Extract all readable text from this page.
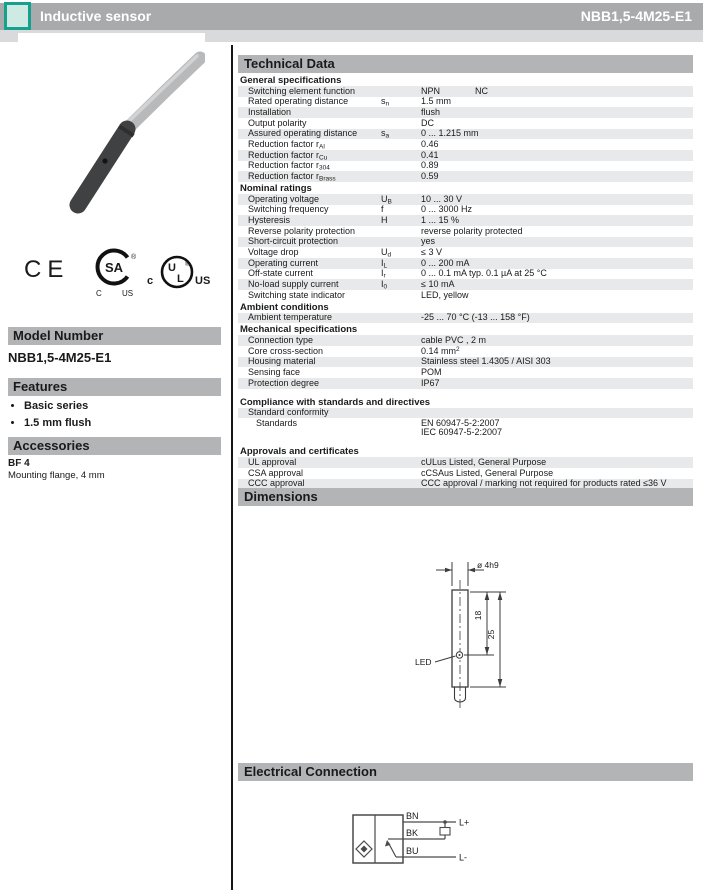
Inductive sensor	NBB1,5-4M25-E1
CE	SA
®
C	US
c
U
L
®
US
Model Number
NBB1,5-4M25-E1
Features
• Basic series
• 1.5 mm flush
Accessories
BF 4
Mounting flange, 4 mm
Technical Data
General specifications
Switching element function	NPN	NC
Rated operating distance	$s_n$	1.5 mm
Installation	flush
Output polarity	DC
Assured operating distance	$s_a$	0 ... 1.215 mm
Reduction factor $r_{Al}$	0.46
Reduction factor $r_{Cu}$	0.41
Reduction factor $r_{304}$	0.89
Reduction factor $r_{Brass}$	0.59
Nominal ratings
Operating voltage	$U_B$	10 ... 30 V
Switching frequency	f	0 ... 3000 Hz
Hysteresis	H	1 ... 15 %
Reverse polarity protection	reverse polarity protected
Short-circuit protection	yes
Voltage drop	$U_d$	≤ 3 V
Operating current	$I_L$	0 ... 200 mA
Off-state current	$I_r$	0 ... 0.1 mA typ. 0.1 µA at 25 °C
No-load supply current	$I_0$	≤ 10 mA
Switching state indicator	LED, yellow
Ambient conditions
Ambient temperature	-25 ... 70 °C (-13 ... 158 °F)
Mechanical specifications
Connection type	cable PVC , 2 m
Core cross-section	0.14 $mm^2$
Housing material	Stainless steel 1.4305 / AISI 303
Sensing face	POM
Protection degree	IP67
Compliance with standards and directives
Standard conformity
Standards	EN 60947-5-2:2007
IEC 60947-5-2:2007
Approvals and certificates
UL approval	cULus Listed, General Purpose
CSA approval	cCSAus Listed, General Purpose
CCC approval	CCC approval / marking not required for products rated ≤36 V
Dimensions
ø 4h9
18
25
LED
Electrical Connection
BN
BK
BU
L+
L-
